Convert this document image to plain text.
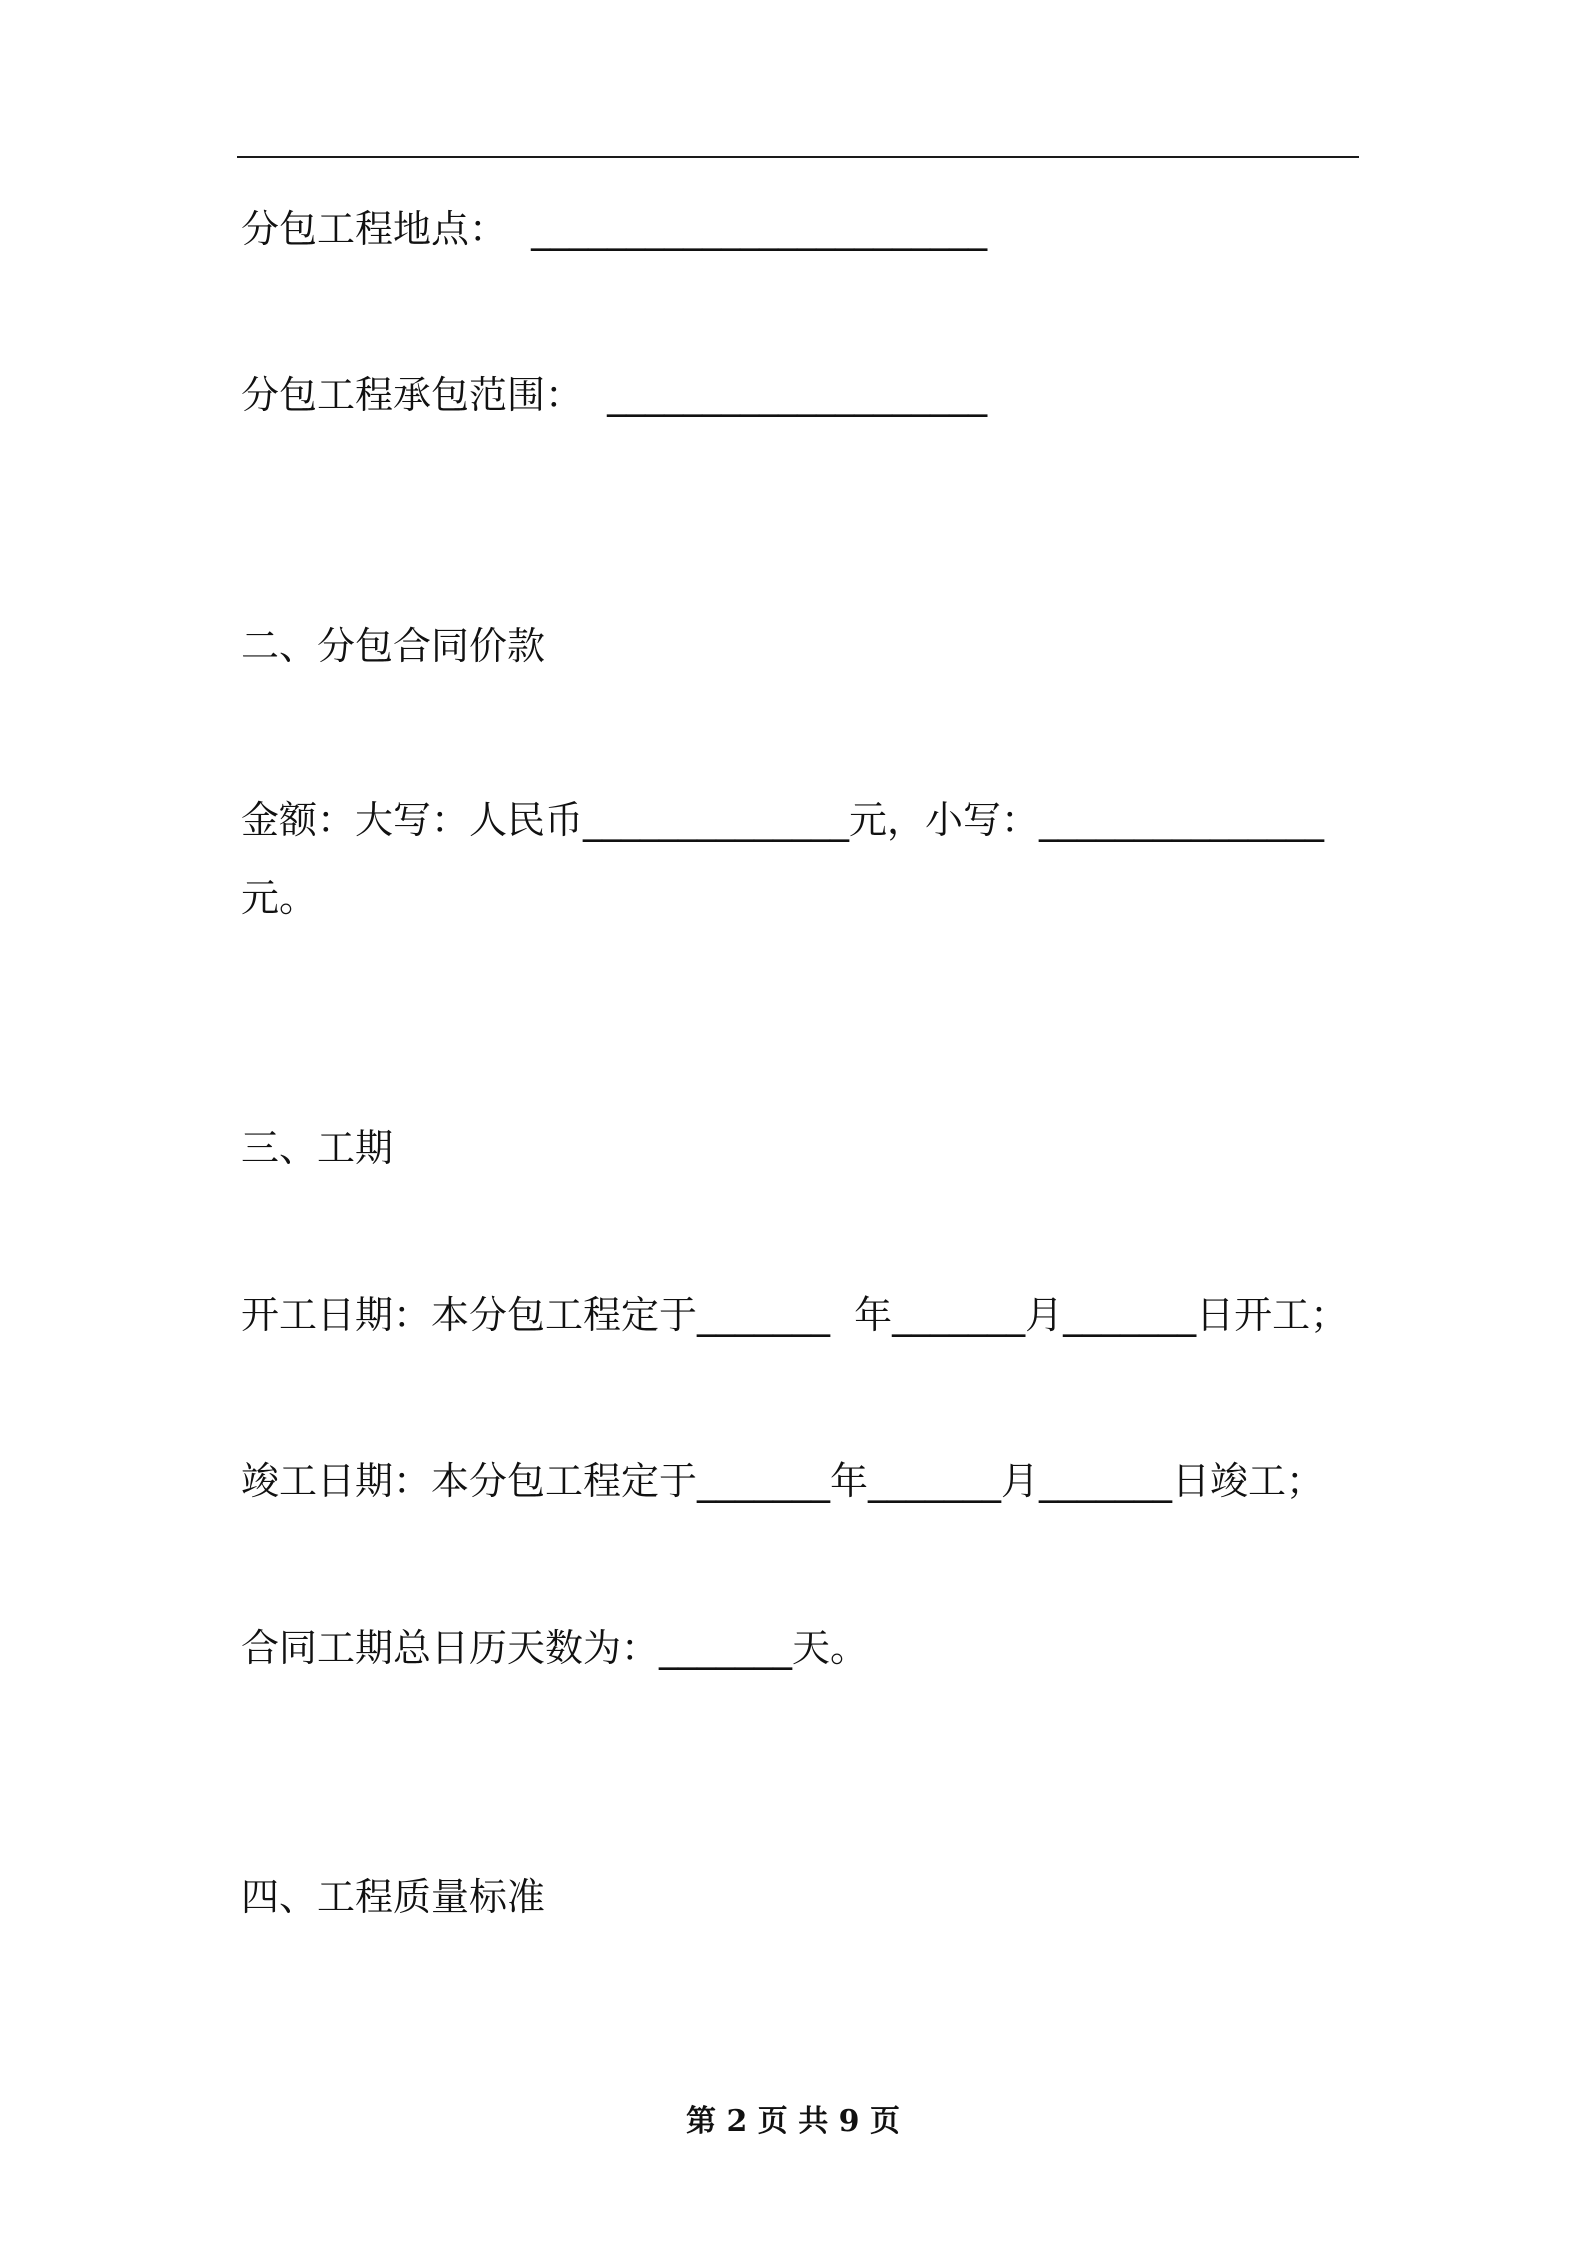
分包工程地点：  ________________________
分包工程承包范围：  ____________________
二、分包合同价款
金额：大写：人民币______________元，小写：_______________
元。
三、工期
开工日期：本分包工程定于_______  年_______月_______日开工；
竣工日期：本分包工程定于_______年_______月_______日竣工；
合同工期总日历天数为：_______天。
四、工程质量标准
第 2 页 共 9 页
